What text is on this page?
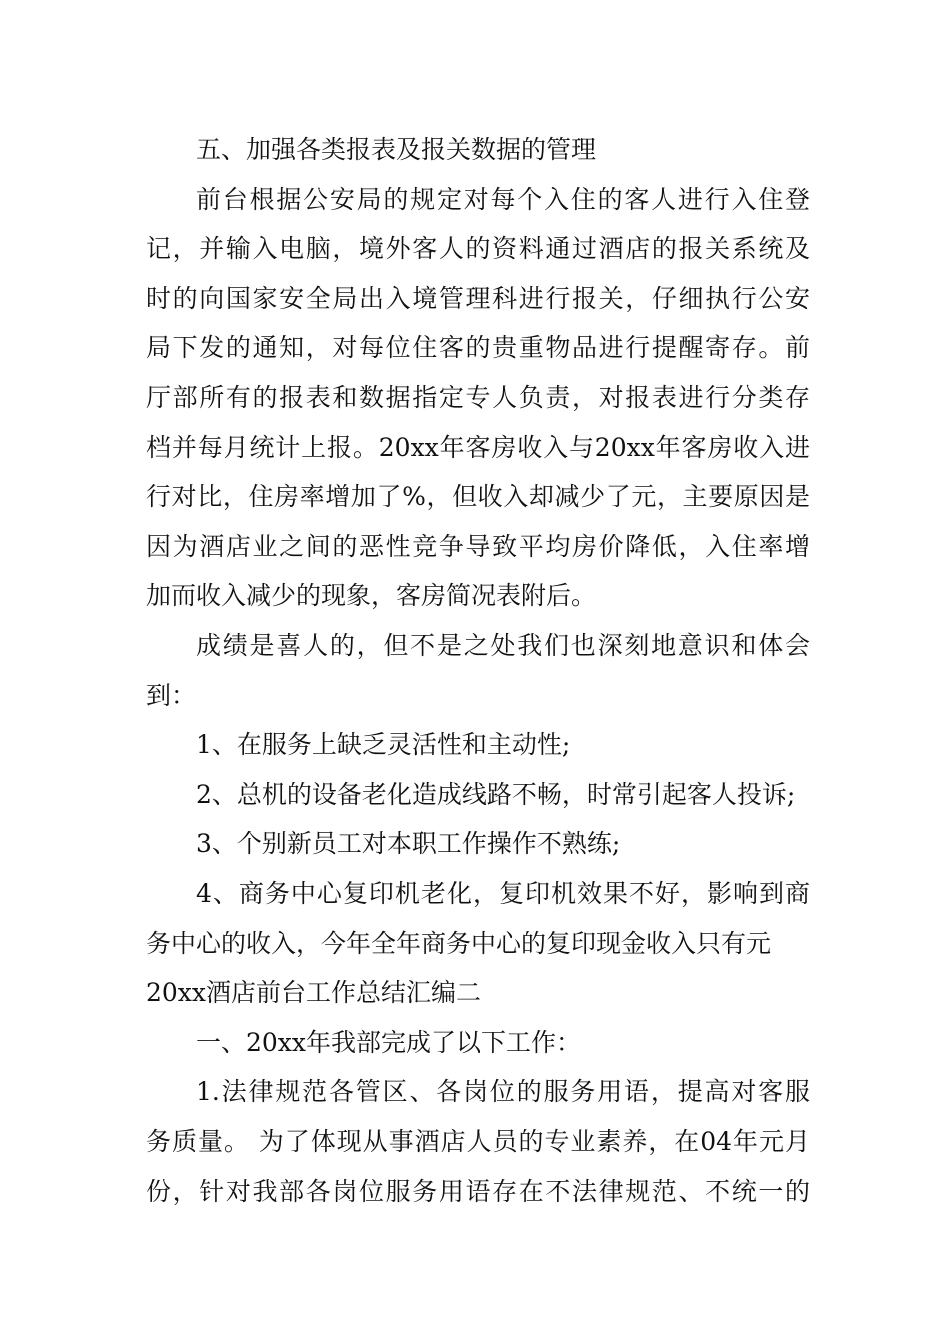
五、加强各类报表及报关数据的管理
前台根据公安局的规定对每个入住的客人进行入住登
记，并输入电脑，境外客人的资料通过酒店的报关系统及
时的向国家安全局出入境管理科进行报关，仔细执行公安
局下发的通知，对每位住客的贵重物品进行提醒寄存。前
厅部所有的报表和数据指定专人负责，对报表进行分类存
档并每月统计上报。20xx年客房收入与20xx年客房收入进
行对比，住房率增加了%，但收入却减少了元，主要原因是
因为酒店业之间的恶性竞争导致平均房价降低，入住率增
加而收入减少的现象，客房简况表附后。
成绩是喜人的，但不是之处我们也深刻地意识和体会
到：
1、在服务上缺乏灵活性和主动性;
2、总机的设备老化造成线路不畅，时常引起客人投诉;
3、个别新员工对本职工作操作不熟练;
4、商务中心复印机老化，复印机效果不好，影响到商
务中心的收入，今年全年商务中心的复印现金收入只有元
20xx酒店前台工作总结汇编二
一、20xx年我部完成了以下工作：
1.法律规范各管区、各岗位的服务用语，提高对客服
务质量。 为了体现从事酒店人员的专业素养，在04年元月
份，针对我部各岗位服务用语存在不法律规范、不统一的
